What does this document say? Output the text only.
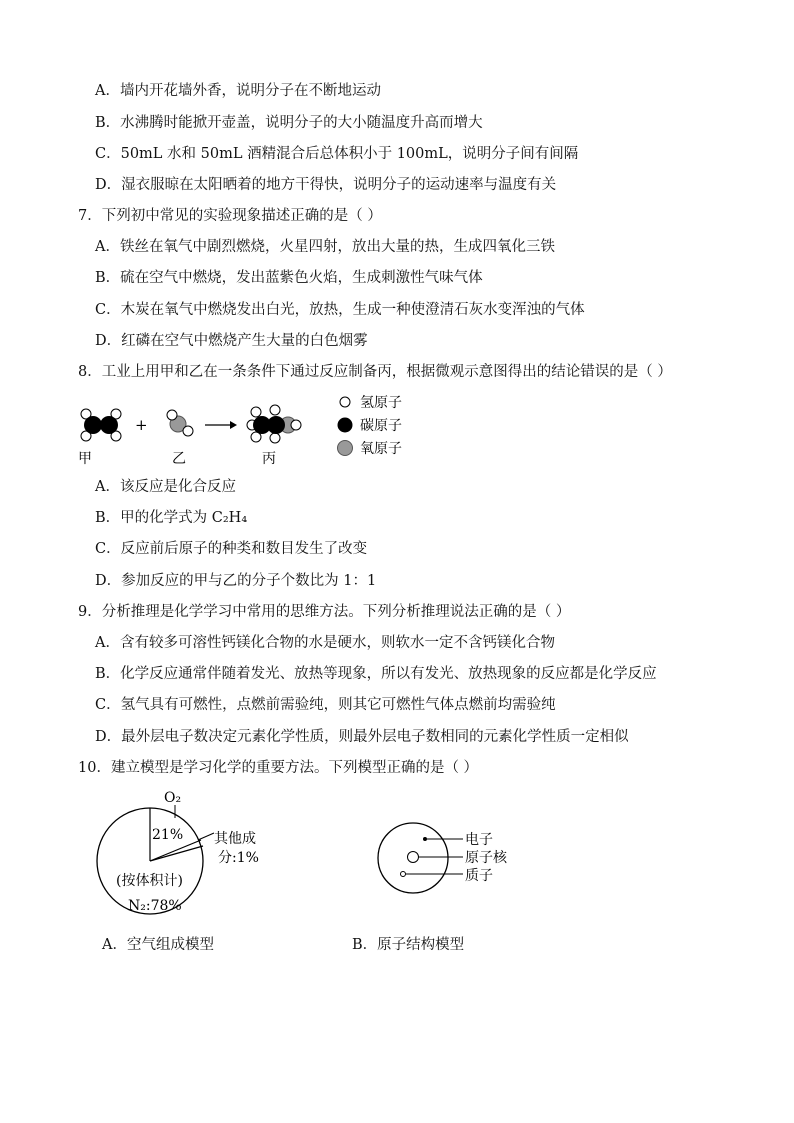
A．墙内开花墙外香，说明分子在不断地运动
B．水沸腾时能掀开壶盖，说明分子的大小随温度升高而增大
C．50mL 水和 50mL 酒精混合后总体积小于 100mL，说明分子间有间隔
D．湿衣服晾在太阳晒着的地方干得快，说明分子的运动速率与温度有关
7．下列初中常见的实验现象描述正确的是（ ）
A．铁丝在氧气中剧烈燃烧，火星四射，放出大量的热，生成四氧化三铁
B．硫在空气中燃烧，发出蓝紫色火焰，生成刺激性气味气体
C．木炭在氧气中燃烧发出白光，放热，生成一种使澄清石灰水变浑浊的气体
D．红磷在空气中燃烧产生大量的白色烟雾
8．工业上用甲和乙在一条条件下通过反应制备丙，根据微观示意图得出的结论错误的是（ ）
+
甲	乙	丙
氢原子
碳原子
氧原子
A．该反应是化合反应
B．甲的化学式为 C₂H₄
C．反应前后原子的种类和数目发生了改变
D．参加反应的甲与乙的分子个数比为 1：1
9．分析推理是化学学习中常用的思维方法。下列分析推理说法正确的是（ ）
A．含有较多可溶性钙镁化合物的水是硬水，则软水一定不含钙镁化合物
B．化学反应通常伴随着发光、放热等现象，所以有发光、放热现象的反应都是化学反应
C．氢气具有可燃性，点燃前需验纯，则其它可燃性气体点燃前均需验纯
D．最外层电子数决定元素化学性质，则最外层电子数相同的元素化学性质一定相似
10．建立模型是学习化学的重要方法。下列模型正确的是（ ）
O₂
21% 其他成
分:1%
(按体积计)
N₂:78%
A．空气组成模型
电子
原子核
质子
B．原子结构模型
